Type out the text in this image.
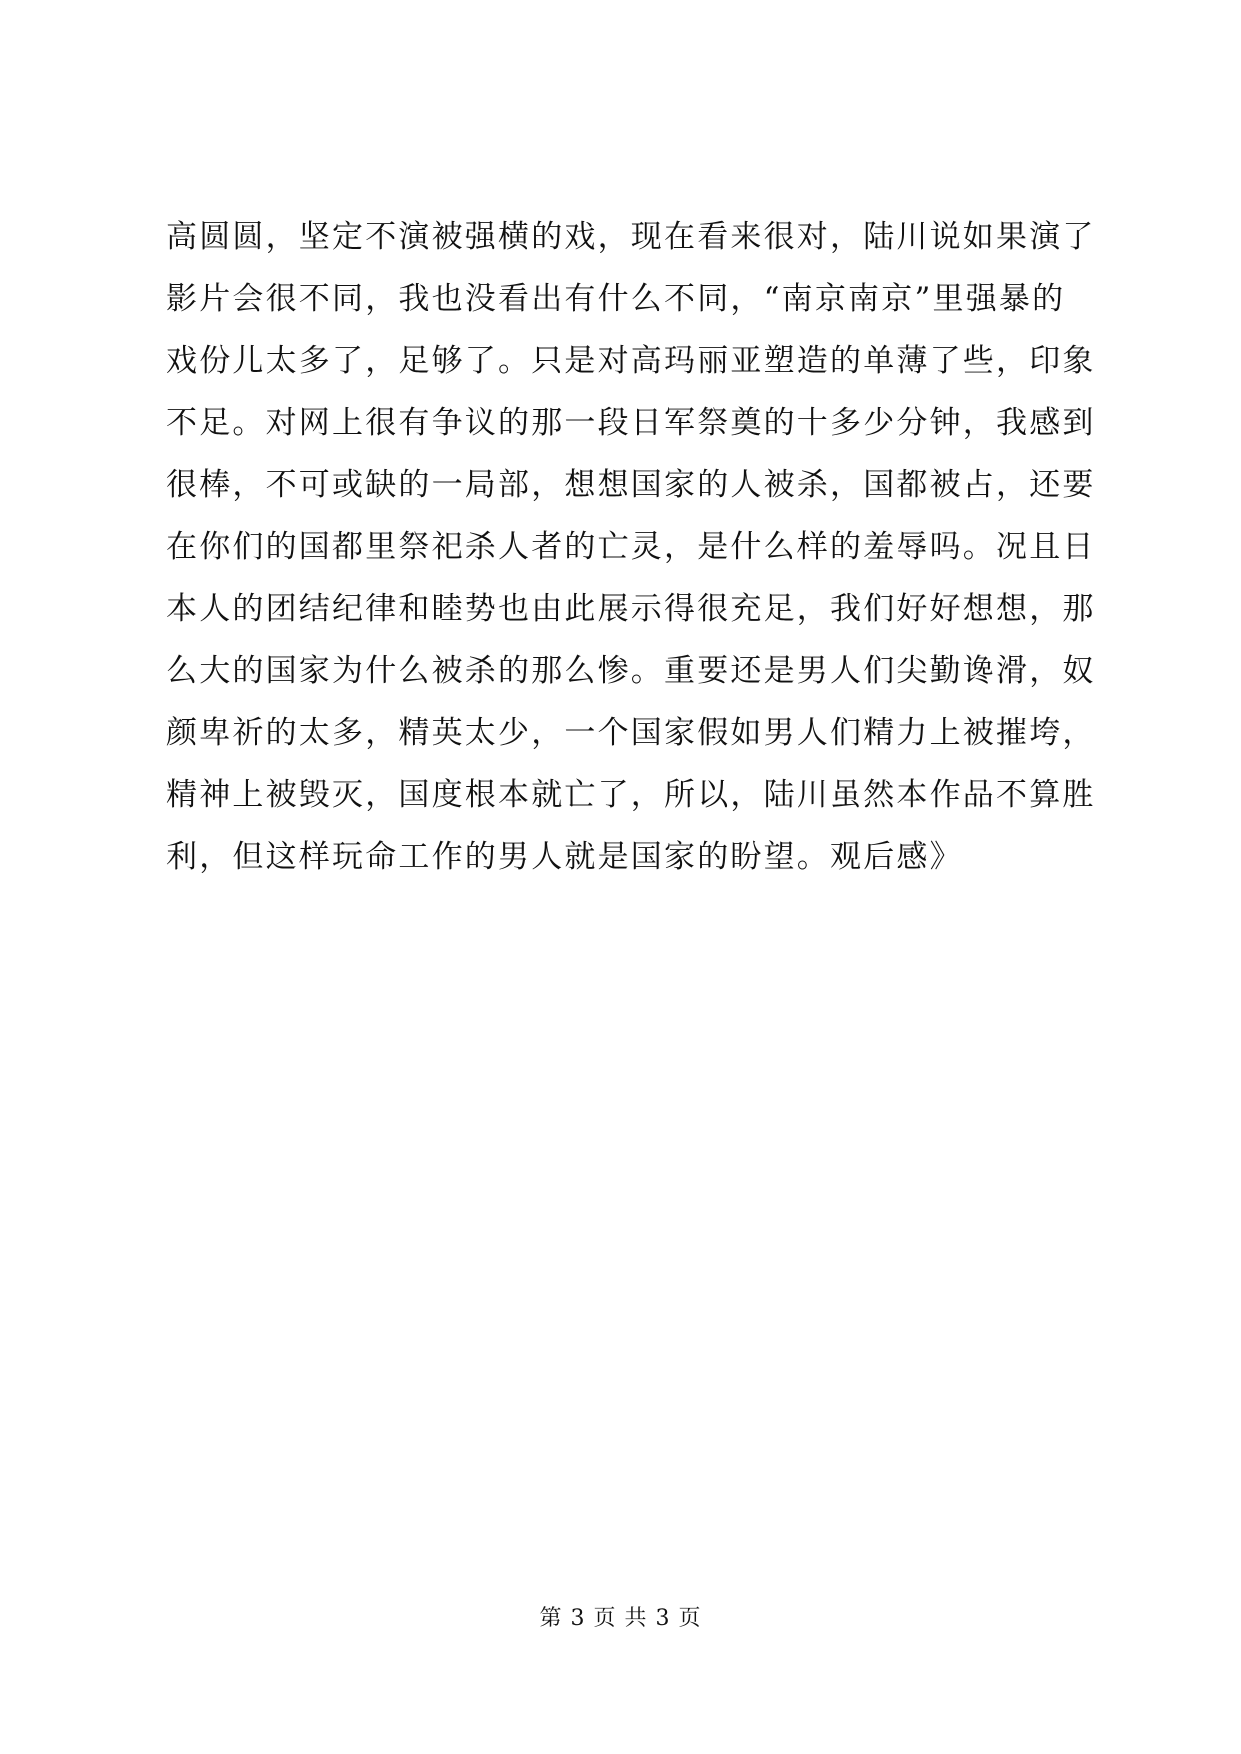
高圆圆，坚定不演被强横的戏，现在看来很对，陆川说如果演了
影片会很不同，我也没看出有什么不同，“南京南京”里强暴的
戏份儿太多了，足够了。只是对高玛丽亚塑造的单薄了些，印象
不足。对网上很有争议的那一段日军祭奠的十多少分钟，我感到
很棒，不可或缺的一局部，想想国家的人被杀，国都被占，还要
在你们的国都里祭祀杀人者的亡灵，是什么样的羞辱吗。况且日
本人的团结纪律和睦势也由此展示得很充足，我们好好想想，那
么大的国家为什么被杀的那么惨。重要还是男人们尖勤谗滑，奴
颜卑祈的太多，精英太少，一个国家假如男人们精力上被摧垮，
精神上被毁灭，国度根本就亡了，所以，陆川虽然本作品不算胜
利，但这样玩命工作的男人就是国家的盼望。观后感》
第 3 页 共 3 页
